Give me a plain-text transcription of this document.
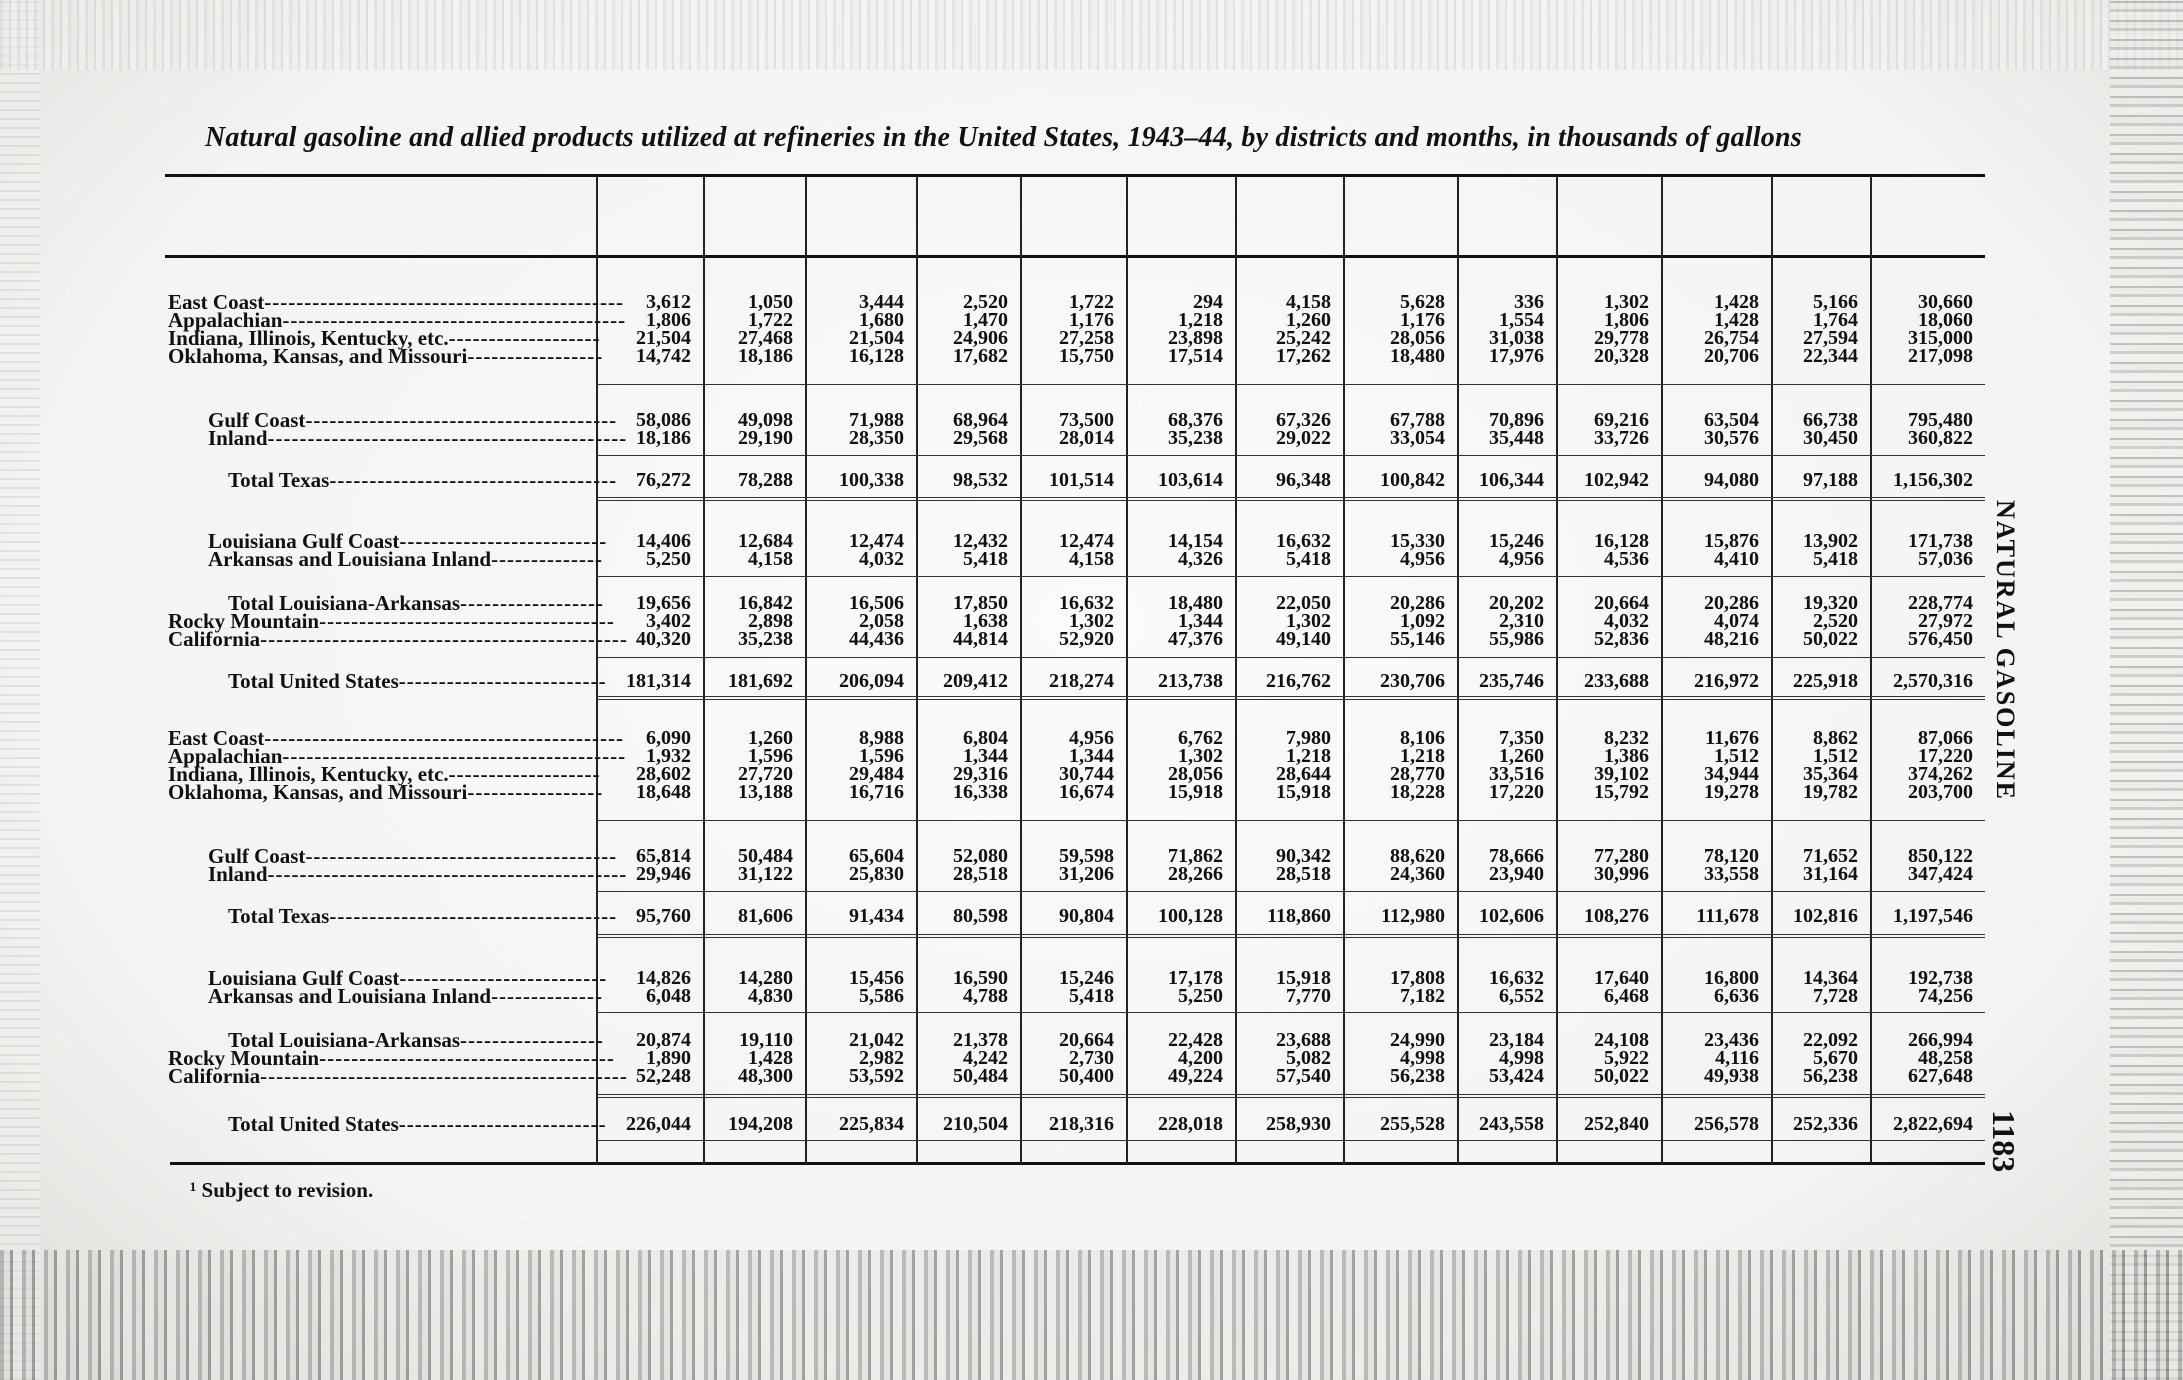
Natural gasoline and allied products utilized at refineries in the United States, 1943–44, by districts and months, in thousands of gallons
East Coast---------------------------------------------	3,612	1,050	3,444	2,520	1,722	294	4,158	5,628	336	1,302	1,428	5,166	30,660
Appalachian------------------------------------------- 1,806	1,722	1,680	1,470	1,176	1,218	1,260	1,176	1,554	1,806	1,428	1,764	18,060
Indiana, Illinois, Kentucky, etc.-------------------	21,504	27,468	21,504	24,906	27,258	23,898	25,242	28,056	31,038	29,778	26,754	27,594	315,000
Oklahoma, Kansas, and Missouri-----------------	14,742	18,186	16,128	17,682	15,750	17,514	17,262	18,480	17,976	20,328	20,706	22,344	217,098
Gulf Coast--------------------------------------- 58,086	49,098	71,988	68,964	73,500	68,376	67,326	67,788	70,896	69,216	63,504	66,738	795,480
Inland--------------------------------------------- 18,186	29,190	28,350	29,568	28,014	35,238	29,022	33,054	35,448	33,726	30,576	30,450	360,822
Total Texas------------------------------------ 76,272	78,288	100,338	98,532	101,514	103,614	96,348	100,842	106,344	102,942	94,080	97,188	1,156,302
Louisiana Gulf Coast--------------------------	14,406	12,684	12,474	12,432	12,474	14,154	16,632	15,330	15,246	16,128	15,876	13,902	171,738
Arkansas and Louisiana Inland--------------	5,250	4,158	4,032	5,418	4,158	4,326	5,418	4,956	4,956	4,536	4,410	5,418	57,036
Total Louisiana-Arkansas------------------	19,656	16,842	16,506	17,850	16,632	18,480	22,050	20,286	20,202	20,664	20,286	19,320	228,774
Rocky Mountain-------------------------------------	3,402	2,898	2,058	1,638	1,302	1,344	1,302	1,092	2,310	4,032	4,074	2,520	27,972
California---------------------------------------------- 40,320	35,238	44,436	44,814	52,920	47,376	49,140	55,146	55,986	52,836	48,216	50,022	576,450
Total United States-------------------------- 181,314	181,692	206,094	209,412	218,274	213,738	216,762	230,706	235,746	233,688	216,972	225,918	2,570,316
East Coast---------------------------------------------	6,090	1,260	8,988	6,804	4,956	6,762	7,980	8,106	7,350	8,232	11,676	8,862	87,066
Appalachian------------------------------------------- 1,932	1,596	1,596	1,344	1,344	1,302	1,218	1,218	1,260	1,386	1,512	1,512	17,220
Indiana, Illinois, Kentucky, etc.-------------------	28,602	27,720	29,484	29,316	30,744	28,056	28,644	28,770	33,516	39,102	34,944	35,364	374,262
Oklahoma, Kansas, and Missouri-----------------	18,648	13,188	16,716	16,338	16,674	15,918	15,918	18,228	17,220	15,792	19,278	19,782	203,700
Gulf Coast--------------------------------------- 65,814	50,484	65,604	52,080	59,598	71,862	90,342	88,620	78,666	77,280	78,120	71,652	850,122
Inland--------------------------------------------- 29,946	31,122	25,830	28,518	31,206	28,266	28,518	24,360	23,940	30,996	33,558	31,164	347,424
Total Texas------------------------------------ 95,760	81,606	91,434	80,598	90,804	100,128	118,860	112,980	102,606	108,276	111,678	102,816	1,197,546
Louisiana Gulf Coast--------------------------	14,826	14,280	15,456	16,590	15,246	17,178	15,918	17,808	16,632	17,640	16,800	14,364	192,738
Arkansas and Louisiana Inland--------------	6,048	4,830	5,586	4,788	5,418	5,250	7,770	7,182	6,552	6,468	6,636	7,728	74,256
Total Louisiana-Arkansas------------------	20,874	19,110	21,042	21,378	20,664	22,428	23,688	24,990	23,184	24,108	23,436	22,092	266,994
Rocky Mountain-------------------------------------	1,890	1,428	2,982	4,242	2,730	4,200	5,082	4,998	4,998	5,922	4,116	5,670	48,258
California---------------------------------------------- 52,248	48,300	53,592	50,484	50,400	49,224	57,540	56,238	53,424	50,022	49,938	56,238	627,648
Total United States-------------------------- 226,044	194,208	225,834	210,504	218,316	228,018	258,930	255,528	243,558	252,840	256,578	252,336	2,822,694
¹ Subject to revision.
NATURAL GASOLINE
1183
